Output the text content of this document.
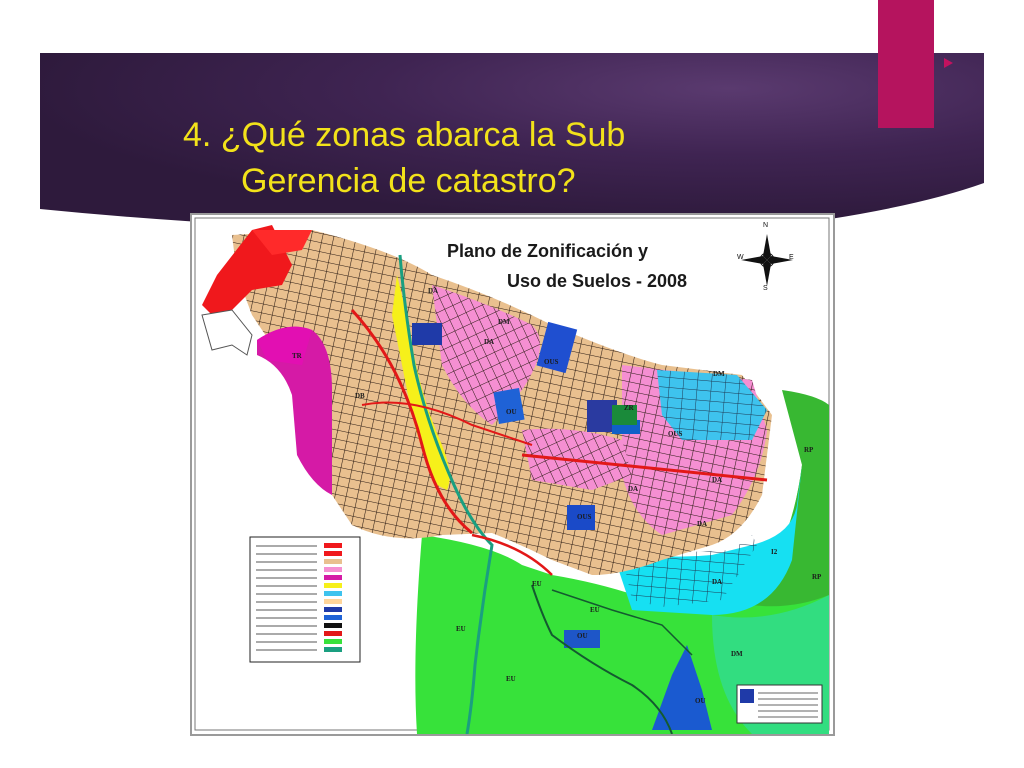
4. ¿Qué zonas abarca la Sub
Gerencia de catastro?
N
E
S
W
Plano de Zonificación y
Uso de Suelos - 2008
DA
DM
DM
DA
TR
DB
DA
OUS
OU	ZR
OUS
DA
DA
RP
EU
EU
EU
OU
EU
DM
OU
RP
I2
DA
OUS
